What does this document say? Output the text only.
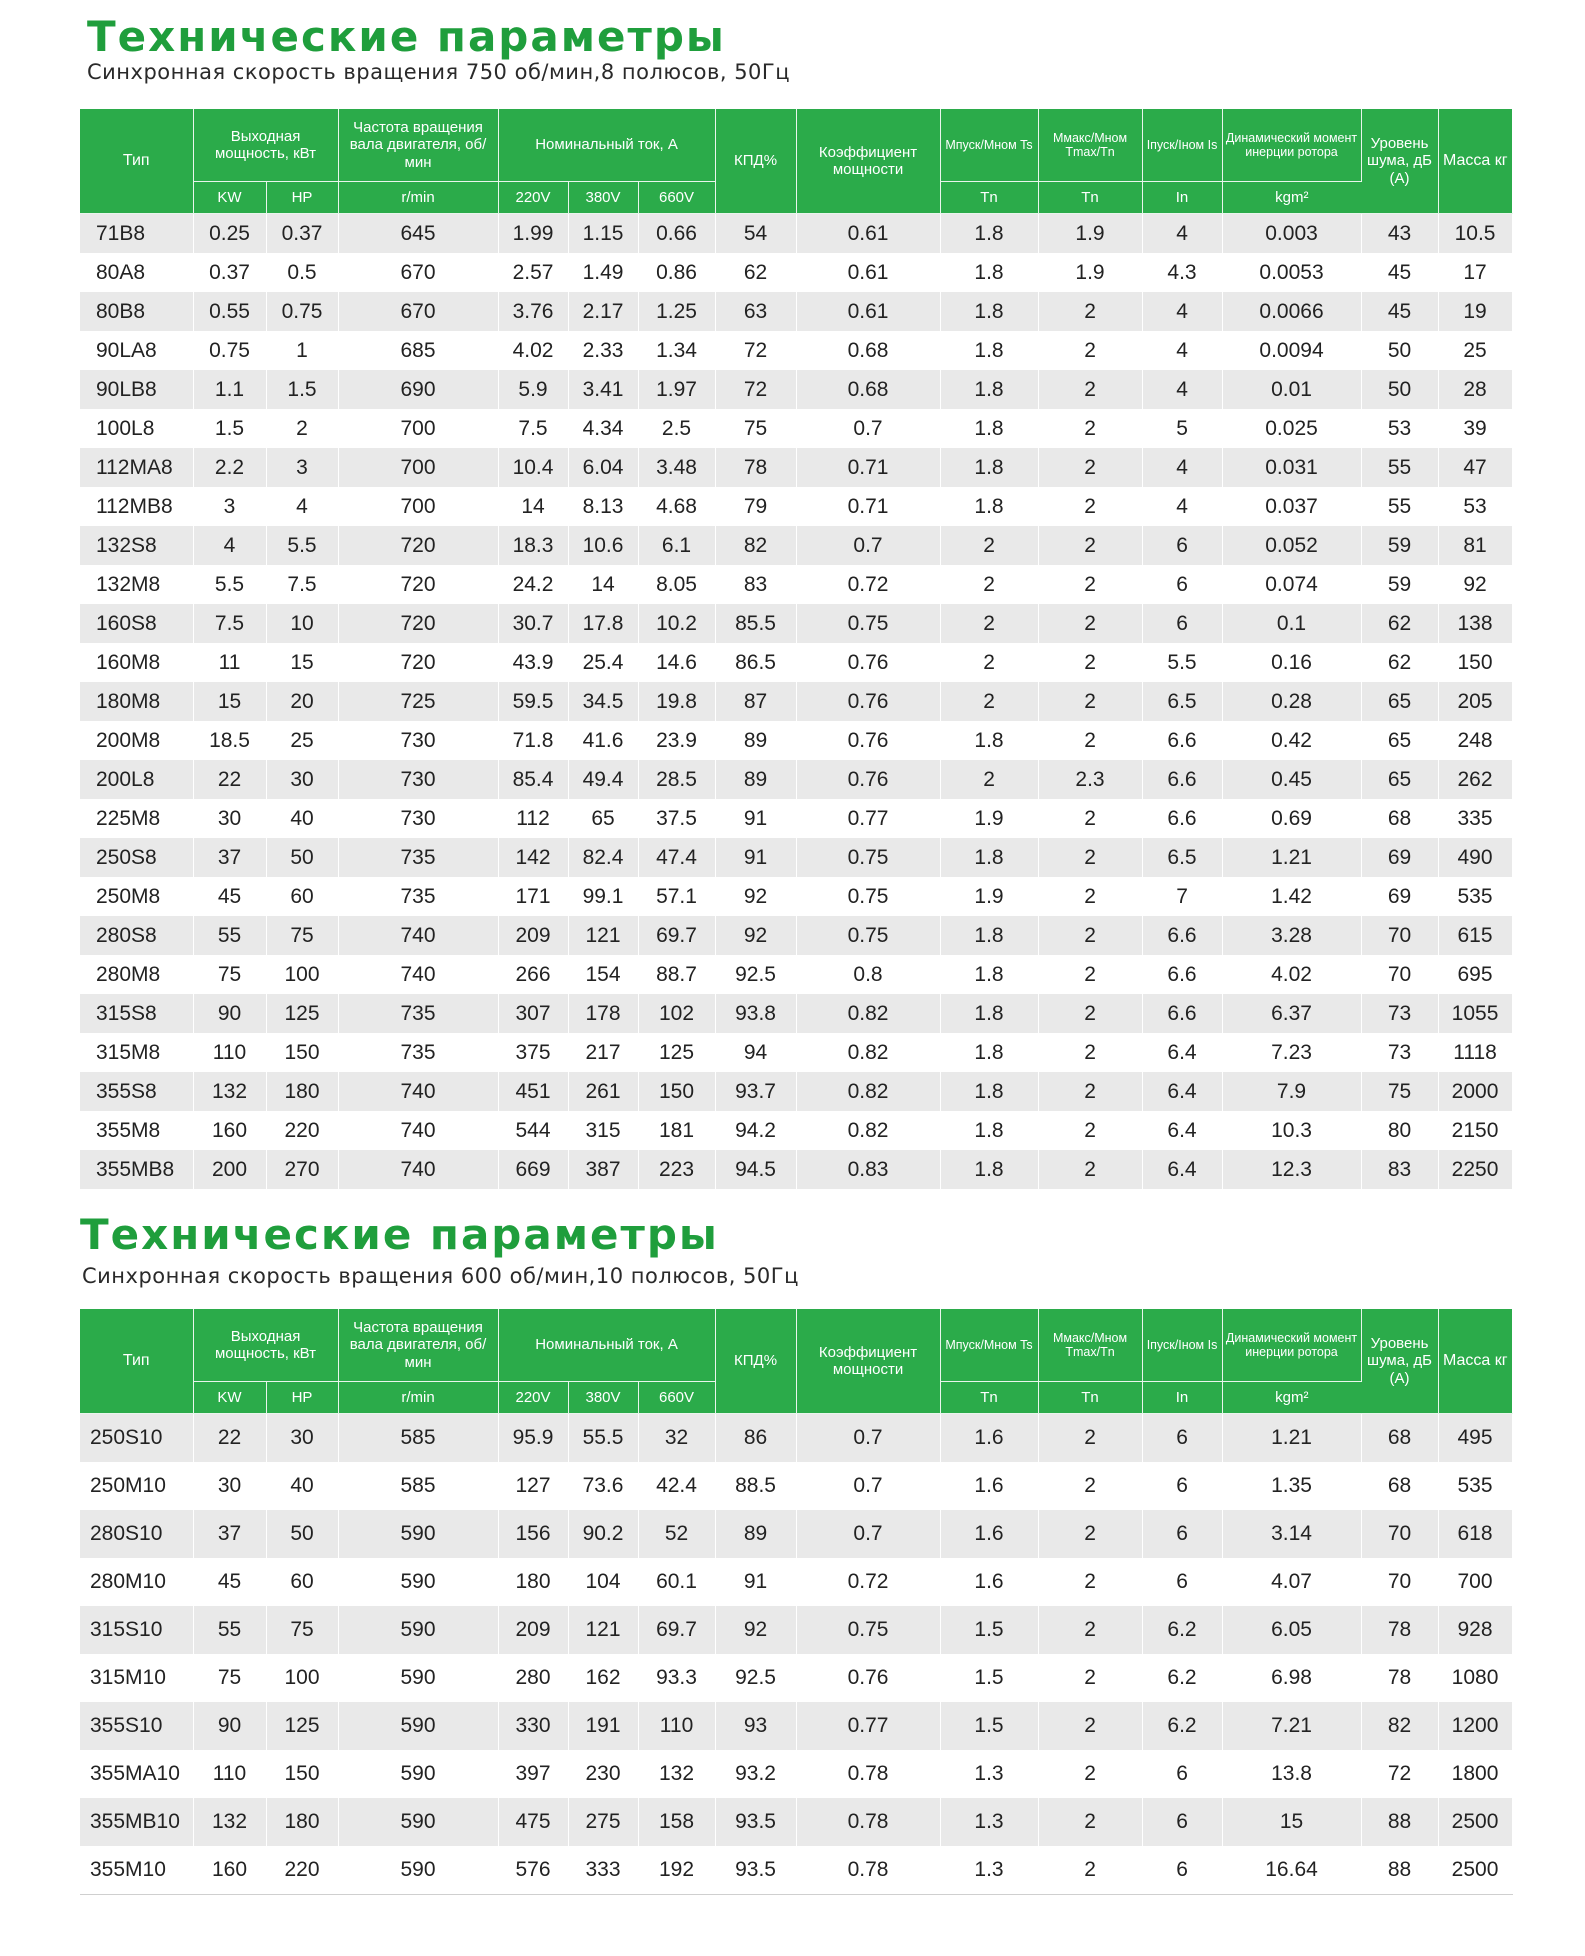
Технические параметры

Синхронная скорость вращения 750 об/мин,8 полюсов, 50Гц

Тип	Выходная мощность, кВт		Частота вращения вала двигателя, об/мин	Номинальный ток, А			КПД%	Коэффициент мощности	Mпуск/Mном Ts	Mмакс/Mном Tmax/Tn	Iпуск/Iном Is	Динамический момент инерции ротора	Уровень шума, дБ (А)	Масса кг
	KW	HP	r/min	220V	380V	660V			Tn	Tn	In	kgm²		
71B8	0.25	0.37	645	1.99	1.15	0.66	54	0.61	1.8	1.9	4	0.003	43	10.5
80A8	0.37	0.5	670	2.57	1.49	0.86	62	0.61	1.8	1.9	4.3	0.0053	45	17
80B8	0.55	0.75	670	3.76	2.17	1.25	63	0.61	1.8	2	4	0.0066	45	19
90LA8	0.75	1	685	4.02	2.33	1.34	72	0.68	1.8	2	4	0.0094	50	25
90LB8	1.1	1.5	690	5.9	3.41	1.97	72	0.68	1.8	2	4	0.01	50	28
100L8	1.5	2	700	7.5	4.34	2.5	75	0.7	1.8	2	5	0.025	53	39
112MA8	2.2	3	700	10.4	6.04	3.48	78	0.71	1.8	2	4	0.031	55	47
112MB8	3	4	700	14	8.13	4.68	79	0.71	1.8	2	4	0.037	55	53
132S8	4	5.5	720	18.3	10.6	6.1	82	0.7	2	2	6	0.052	59	81
132M8	5.5	7.5	720	24.2	14	8.05	83	0.72	2	2	6	0.074	59	92
160S8	7.5	10	720	30.7	17.8	10.2	85.5	0.75	2	2	6	0.1	62	138
160M8	11	15	720	43.9	25.4	14.6	86.5	0.76	2	2	5.5	0.16	62	150
180M8	15	20	725	59.5	34.5	19.8	87	0.76	2	2	6.5	0.28	65	205
200M8	18.5	25	730	71.8	41.6	23.9	89	0.76	1.8	2	6.6	0.42	65	248
200L8	22	30	730	85.4	49.4	28.5	89	0.76	2	2.3	6.6	0.45	65	262
225M8	30	40	730	112	65	37.5	91	0.77	1.9	2	6.6	0.69	68	335
250S8	37	50	735	142	82.4	47.4	91	0.75	1.8	2	6.5	1.21	69	490
250M8	45	60	735	171	99.1	57.1	92	0.75	1.9	2	7	1.42	69	535
280S8	55	75	740	209	121	69.7	92	0.75	1.8	2	6.6	3.28	70	615
280M8	75	100	740	266	154	88.7	92.5	0.8	1.8	2	6.6	4.02	70	695
315S8	90	125	735	307	178	102	93.8	0.82	1.8	2	6.6	6.37	73	1055
315M8	110	150	735	375	217	125	94	0.82	1.8	2	6.4	7.23	73	1118
355S8	132	180	740	451	261	150	93.7	0.82	1.8	2	6.4	7.9	75	2000
355M8	160	220	740	544	315	181	94.2	0.82	1.8	2	6.4	10.3	80	2150
355MB8	200	270	740	669	387	223	94.5	0.83	1.8	2	6.4	12.3	83	2250
Технические параметры

Синхронная скорость вращения 600 об/мин,10 полюсов, 50Гц

Тип	Выходная мощность, кВт		Частота вращения вала двигателя, об/мин	Номинальный ток, А			КПД%	Коэффициент мощности	Mпуск/Mном Ts	Mмакс/Mном Tmax/Tn	Iпуск/Iном Is	Динамический момент инерции ротора	Уровень шума, дБ (А)	Масса кг
	KW	HP	r/min	220V	380V	660V			Tn	Tn	In	kgm²		
250S10	22	30	585	95.9	55.5	32	86	0.7	1.6	2	6	1.21	68	495
250M10	30	40	585	127	73.6	42.4	88.5	0.7	1.6	2	6	1.35	68	535
280S10	37	50	590	156	90.2	52	89	0.7	1.6	2	6	3.14	70	618
280M10	45	60	590	180	104	60.1	91	0.72	1.6	2	6	4.07	70	700
315S10	55	75	590	209	121	69.7	92	0.75	1.5	2	6.2	6.05	78	928
315M10	75	100	590	280	162	93.3	92.5	0.76	1.5	2	6.2	6.98	78	1080
355S10	90	125	590	330	191	110	93	0.77	1.5	2	6.2	7.21	82	1200
355MA10	110	150	590	397	230	132	93.2	0.78	1.3	2	6	13.8	72	1800
355MB10	132	180	590	475	275	158	93.5	0.78	1.3	2	6	15	88	2500
355M10	160	220	590	576	333	192	93.5	0.78	1.3	2	6	16.64	88	2500
